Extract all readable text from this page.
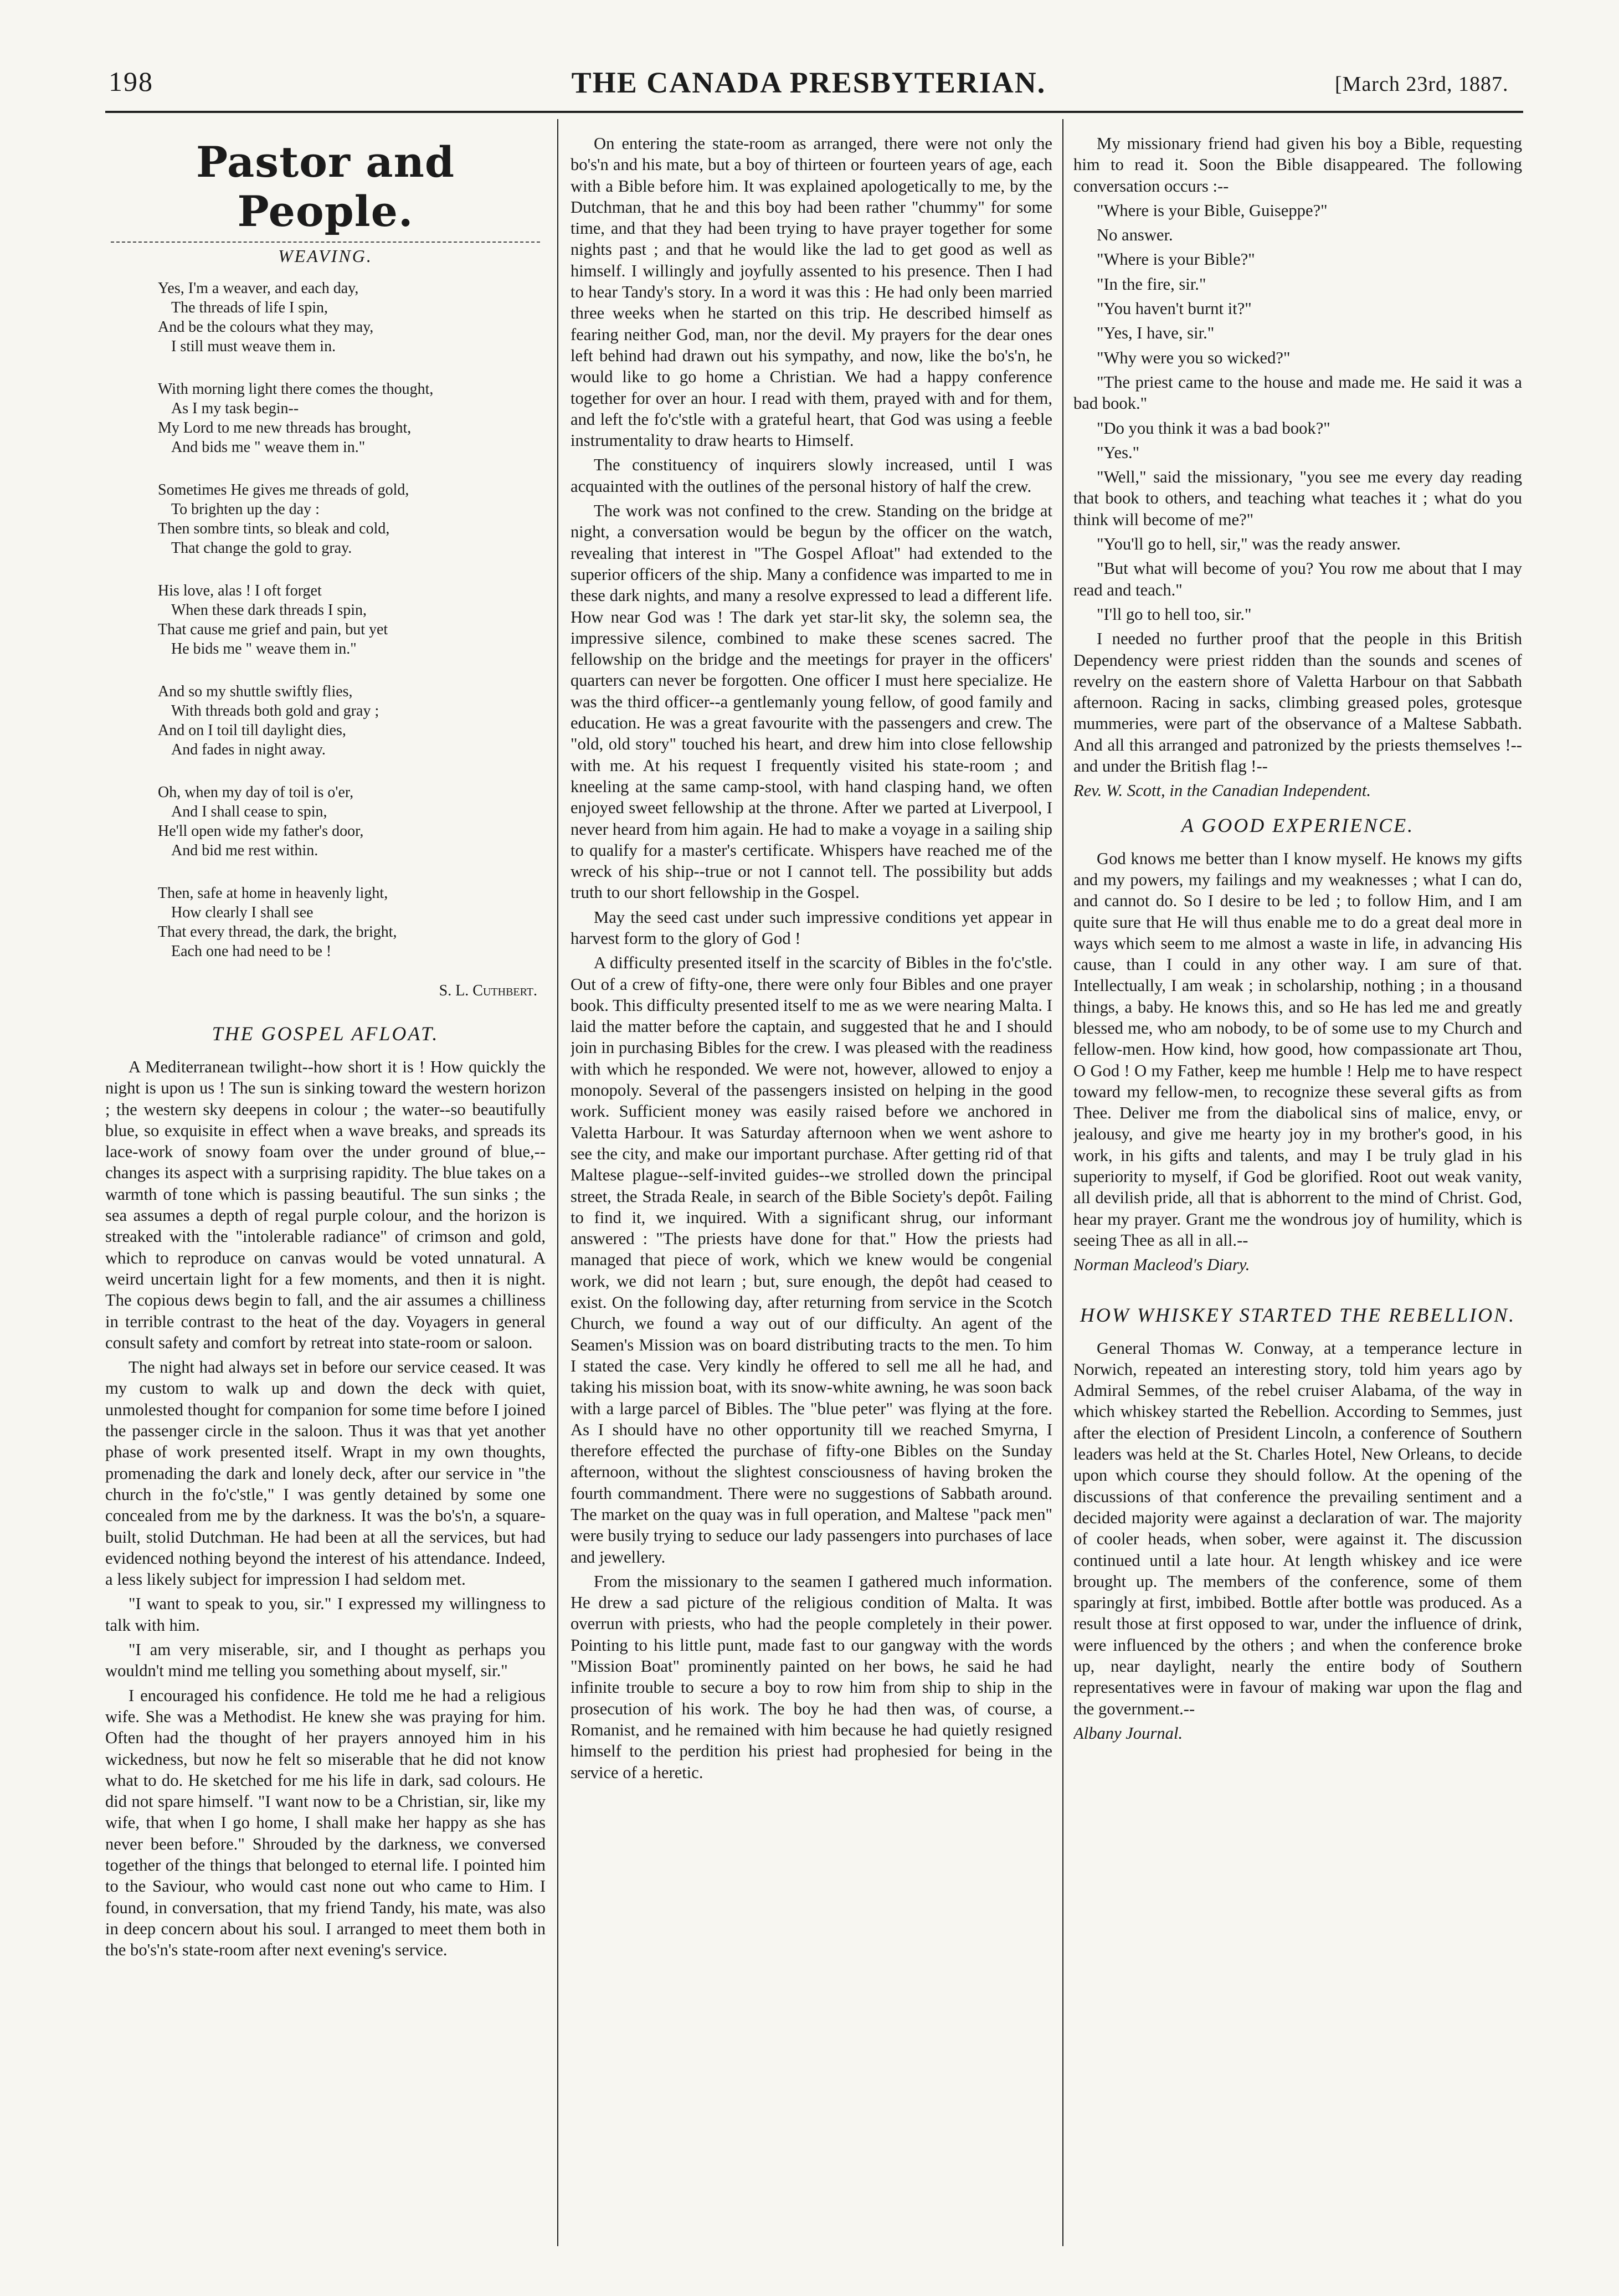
198	THE CANADA PRESBYTERIAN.	[March 23rd, 1887.
Pastor and People.
WEAVING.
Yes, I'm a weaver, and each day,
The threads of life I spin,
And be the colours what they may,
I still must weave them in.
With morning light there comes the thought,
As I my task begin--
My Lord to me new threads has brought,
And bids me " weave them in."
Sometimes He gives me threads of gold,
To brighten up the day :
Then sombre tints, so bleak and cold,
That change the gold to gray.
His love, alas ! I oft forget
When these dark threads I spin,
That cause me grief and pain, but yet
He bids me " weave them in."
And so my shuttle swiftly flies,
With threads both gold and gray ;
And on I toil till daylight dies,
And fades in night away.
Oh, when my day of toil is o'er,
And I shall cease to spin,
He'll open wide my father's door,
And bid me rest within.
Then, safe at home in heavenly light,
How clearly I shall see
That every thread, the dark, the bright,
Each one had need to be !
S. L. Cuthbert.
THE GOSPEL AFLOAT.

A Mediterranean twilight--how short it is ! How quickly the night is upon us ! The sun is sinking toward the western horizon ; the western sky deepens in colour ; the water--so beautifully blue, so exquisite in effect when a wave breaks, and spreads its lace-work of snowy foam over the under ground of blue,--changes its aspect with a surprising rapidity. The blue takes on a warmth of tone which is passing beautiful. The sun sinks ; the sea assumes a depth of regal purple colour, and the horizon is streaked with the "intolerable radiance" of crimson and gold, which to reproduce on canvas would be voted unnatural. A weird uncertain light for a few moments, and then it is night. The copious dews begin to fall, and the air assumes a chilliness in terrible contrast to the heat of the day. Voyagers in general consult safety and comfort by retreat into state-room or saloon.

The night had always set in before our service ceased. It was my custom to walk up and down the deck with quiet, unmolested thought for companion for some time before I joined the passenger circle in the saloon. Thus it was that yet another phase of work presented itself. Wrapt in my own thoughts, promenading the dark and lonely deck, after our service in "the church in the fo'c'stle," I was gently detained by some one concealed from me by the darkness. It was the bo's'n, a square-built, stolid Dutchman. He had been at all the services, but had evidenced nothing beyond the interest of his attendance. Indeed, a less likely subject for impression I had seldom met.

"I want to speak to you, sir." I expressed my willingness to talk with him.

"I am very miserable, sir, and I thought as perhaps you wouldn't mind me telling you something about myself, sir."

I encouraged his confidence. He told me he had a religious wife. She was a Methodist. He knew she was praying for him. Often had the thought of her prayers annoyed him in his wickedness, but now he felt so miserable that he did not know what to do. He sketched for me his life in dark, sad colours. He did not spare himself. "I want now to be a Christian, sir, like my wife, that when I go home, I shall make her happy as she has never been before." Shrouded by the darkness, we conversed together of the things that belonged to eternal life. I pointed him to the Saviour, who would cast none out who came to Him. I found, in conversation, that my friend Tandy, his mate, was also in deep concern about his soul. I arranged to meet them both in the bo's'n's state-room after next evening's service.

On entering the state-room as arranged, there were not only the bo's'n and his mate, but a boy of thirteen or fourteen years of age, each with a Bible before him. It was explained apologetically to me, by the Dutchman, that he and this boy had been rather "chummy" for some time, and that they had been trying to have prayer together for some nights past ; and that he would like the lad to get good as well as himself. I willingly and joyfully assented to his presence. Then I had to hear Tandy's story. In a word it was this : He had only been married three weeks when he started on this trip. He described himself as fearing neither God, man, nor the devil. My prayers for the dear ones left behind had drawn out his sympathy, and now, like the bo's'n, he would like to go home a Christian. We had a happy conference together for over an hour. I read with them, prayed with and for them, and left the fo'c'stle with a grateful heart, that God was using a feeble instrumentality to draw hearts to Himself.

The constituency of inquirers slowly increased, until I was acquainted with the outlines of the personal history of half the crew.

The work was not confined to the crew. Standing on the bridge at night, a conversation would be begun by the officer on the watch, revealing that interest in "The Gospel Afloat" had extended to the superior officers of the ship. Many a confidence was imparted to me in these dark nights, and many a resolve expressed to lead a different life. How near God was ! The dark yet star-lit sky, the solemn sea, the impressive silence, combined to make these scenes sacred. The fellowship on the bridge and the meetings for prayer in the officers' quarters can never be forgotten. One officer I must here specialize. He was the third officer--a gentlemanly young fellow, of good family and education. He was a great favourite with the passengers and crew. The "old, old story" touched his heart, and drew him into close fellowship with me. At his request I frequently visited his state-room ; and kneeling at the same camp-stool, with hand clasping hand, we often enjoyed sweet fellowship at the throne. After we parted at Liverpool, I never heard from him again. He had to make a voyage in a sailing ship to qualify for a master's certificate. Whispers have reached me of the wreck of his ship--true or not I cannot tell. The possibility but adds truth to our short fellowship in the Gospel.

May the seed cast under such impressive conditions yet appear in harvest form to the glory of God !

A difficulty presented itself in the scarcity of Bibles in the fo'c'stle. Out of a crew of fifty-one, there were only four Bibles and one prayer book. This difficulty presented itself to me as we were nearing Malta. I laid the matter before the captain, and suggested that he and I should join in purchasing Bibles for the crew. I was pleased with the readiness with which he responded. We were not, however, allowed to enjoy a monopoly. Several of the passengers insisted on helping in the good work. Sufficient money was easily raised before we anchored in Valetta Harbour. It was Saturday afternoon when we went ashore to see the city, and make our important purchase. After getting rid of that Maltese plague--self-invited guides--we strolled down the principal street, the Strada Reale, in search of the Bible Society's depôt. Failing to find it, we inquired. With a significant shrug, our informant answered : "The priests have done for that." How the priests had managed that piece of work, which we knew would be congenial work, we did not learn ; but, sure enough, the depôt had ceased to exist. On the following day, after returning from service in the Scotch Church, we found a way out of our difficulty. An agent of the Seamen's Mission was on board distributing tracts to the men. To him I stated the case. Very kindly he offered to sell me all he had, and taking his mission boat, with its snow-white awning, he was soon back with a large parcel of Bibles. The "blue peter" was flying at the fore. As I should have no other opportunity till we reached Smyrna, I therefore effected the purchase of fifty-one Bibles on the Sunday afternoon, without the slightest consciousness of having broken the fourth commandment. There were no suggestions of Sabbath around. The market on the quay was in full operation, and Maltese "pack men" were busily trying to seduce our lady passengers into purchases of lace and jewellery.

From the missionary to the seamen I gathered much information. He drew a sad picture of the religious condition of Malta. It was overrun with priests, who had the people completely in their power. Pointing to his little punt, made fast to our gangway with the words "Mission Boat" prominently painted on her bows, he said he had infinite trouble to secure a boy to row him from ship to ship in the prosecution of his work. The boy he had then was, of course, a Romanist, and he remained with him because he had quietly resigned himself to the perdition his priest had prophesied for being in the service of a heretic.

My missionary friend had given his boy a Bible, requesting him to read it. Soon the Bible disappeared. The following conversation occurs :--

"Where is your Bible, Guiseppe?"

No answer.

"Where is your Bible?"

"In the fire, sir."

"You haven't burnt it?"

"Yes, I have, sir."

"Why were you so wicked?"

"The priest came to the house and made me. He said it was a bad book."

"Do you think it was a bad book?"

"Yes."

"Well," said the missionary, "you see me every day reading that book to others, and teaching what teaches it ; what do you think will become of me?"

"You'll go to hell, sir," was the ready answer.

"But what will become of you? You row me about that I may read and teach."

"I'll go to hell too, sir."

I needed no further proof that the people in this British Dependency were priest ridden than the sounds and scenes of revelry on the eastern shore of Valetta Harbour on that Sabbath afternoon. Racing in sacks, climbing greased poles, grotesque mummeries, were part of the observance of a Maltese Sabbath. And all this arranged and patronized by the priests themselves !--and under the British flag !--

Rev. W. Scott, in the Canadian Independent.

A GOOD EXPERIENCE.

God knows me better than I know myself. He knows my gifts and my powers, my failings and my weaknesses ; what I can do, and cannot do. So I desire to be led ; to follow Him, and I am quite sure that He will thus enable me to do a great deal more in ways which seem to me almost a waste in life, in advancing His cause, than I could in any other way. I am sure of that. Intellectually, I am weak ; in scholarship, nothing ; in a thousand things, a baby. He knows this, and so He has led me and greatly blessed me, who am nobody, to be of some use to my Church and fellow-men. How kind, how good, how compassionate art Thou, O God ! O my Father, keep me humble ! Help me to have respect toward my fellow-men, to recognize these several gifts as from Thee. Deliver me from the diabolical sins of malice, envy, or jealousy, and give me hearty joy in my brother's good, in his work, in his gifts and talents, and may I be truly glad in his superiority to myself, if God be glorified. Root out weak vanity, all devilish pride, all that is abhorrent to the mind of Christ. God, hear my prayer. Grant me the wondrous joy of humility, which is seeing Thee as all in all.--

Norman Macleod's Diary.

HOW WHISKEY STARTED THE REBELLION.

General Thomas W. Conway, at a temperance lecture in Norwich, repeated an interesting story, told him years ago by Admiral Semmes, of the rebel cruiser Alabama, of the way in which whiskey started the Rebellion. According to Semmes, just after the election of President Lincoln, a conference of Southern leaders was held at the St. Charles Hotel, New Orleans, to decide upon which course they should follow. At the opening of the discussions of that conference the prevailing sentiment and a decided majority were against a declaration of war. The majority of cooler heads, when sober, were against it. The discussion continued until a late hour. At length whiskey and ice were brought up. The members of the conference, some of them sparingly at first, imbibed. Bottle after bottle was produced. As a result those at first opposed to war, under the influence of drink, were influenced by the others ; and when the conference broke up, near daylight, nearly the entire body of Southern representatives were in favour of making war upon the flag and the government.--

Albany Journal.
